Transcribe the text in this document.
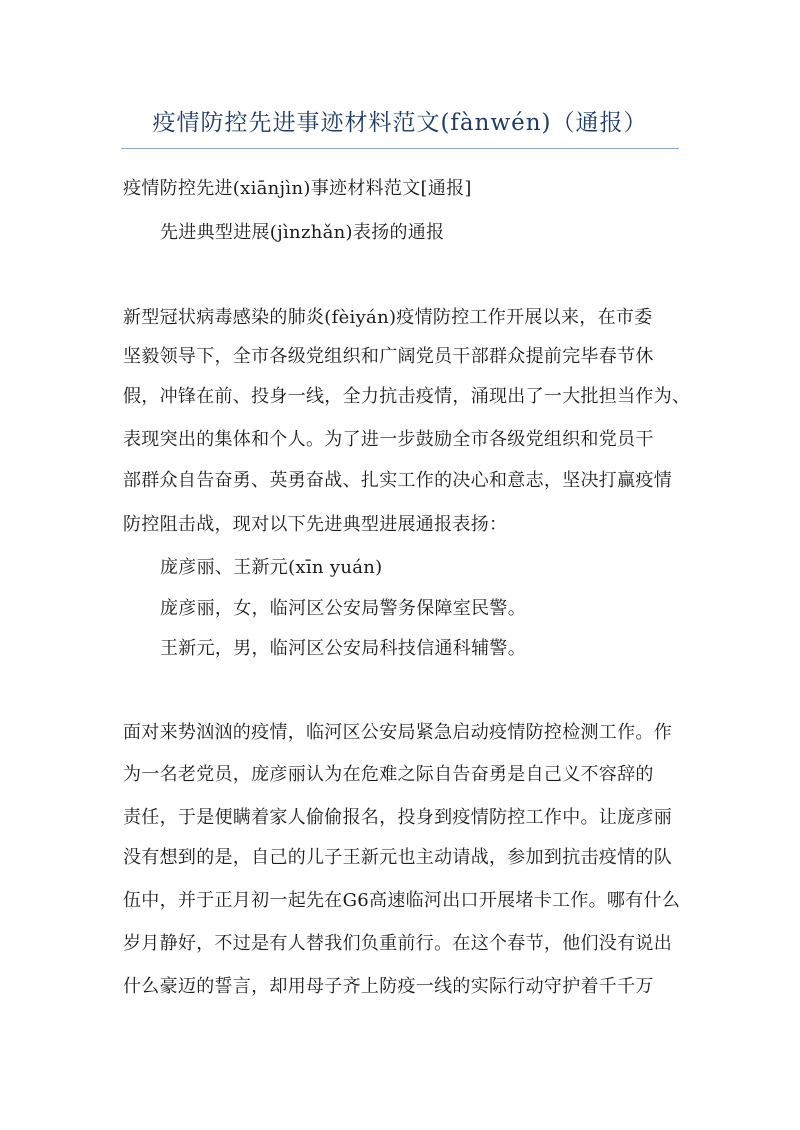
疫情防控先进事迹材料范文(fànwén)（通报）
疫情防控先进(xiānjìn)事迹材料范文[通报]
先进典型进展(jìnzhǎn)表扬的通报
新型冠状病毒感染的肺炎(fèiyán)疫情防控工作开展以来，在市委
坚毅领导下，全市各级党组织和广阔党员干部群众提前完毕春节休
假，冲锋在前、投身一线，全力抗击疫情，涌现出了一大批担当作为、
表现突出的集体和个人。为了进一步鼓励全市各级党组织和党员干
部群众自告奋勇、英勇奋战、扎实工作的决心和意志，坚决打赢疫情
防控阻击战，现对以下先进典型进展通报表扬：
庞彦丽、王新元(xīn yuán)
庞彦丽，女，临河区公安局警务保障室民警。
王新元，男，临河区公安局科技信通科辅警。
面对来势汹汹的疫情，临河区公安局紧急启动疫情防控检测工作。作
为一名老党员，庞彦丽认为在危难之际自告奋勇是自己义不容辞的
责任，于是便瞒着家人偷偷报名，投身到疫情防控工作中。让庞彦丽
没有想到的是，自己的儿子王新元也主动请战，参加到抗击疫情的队
伍中，并于正月初一起先在G6高速临河出口开展堵卡工作。哪有什么
岁月静好，不过是有人替我们负重前行。在这个春节，他们没有说出
什么豪迈的誓言，却用母子齐上防疫一线的实际行动守护着千千万
